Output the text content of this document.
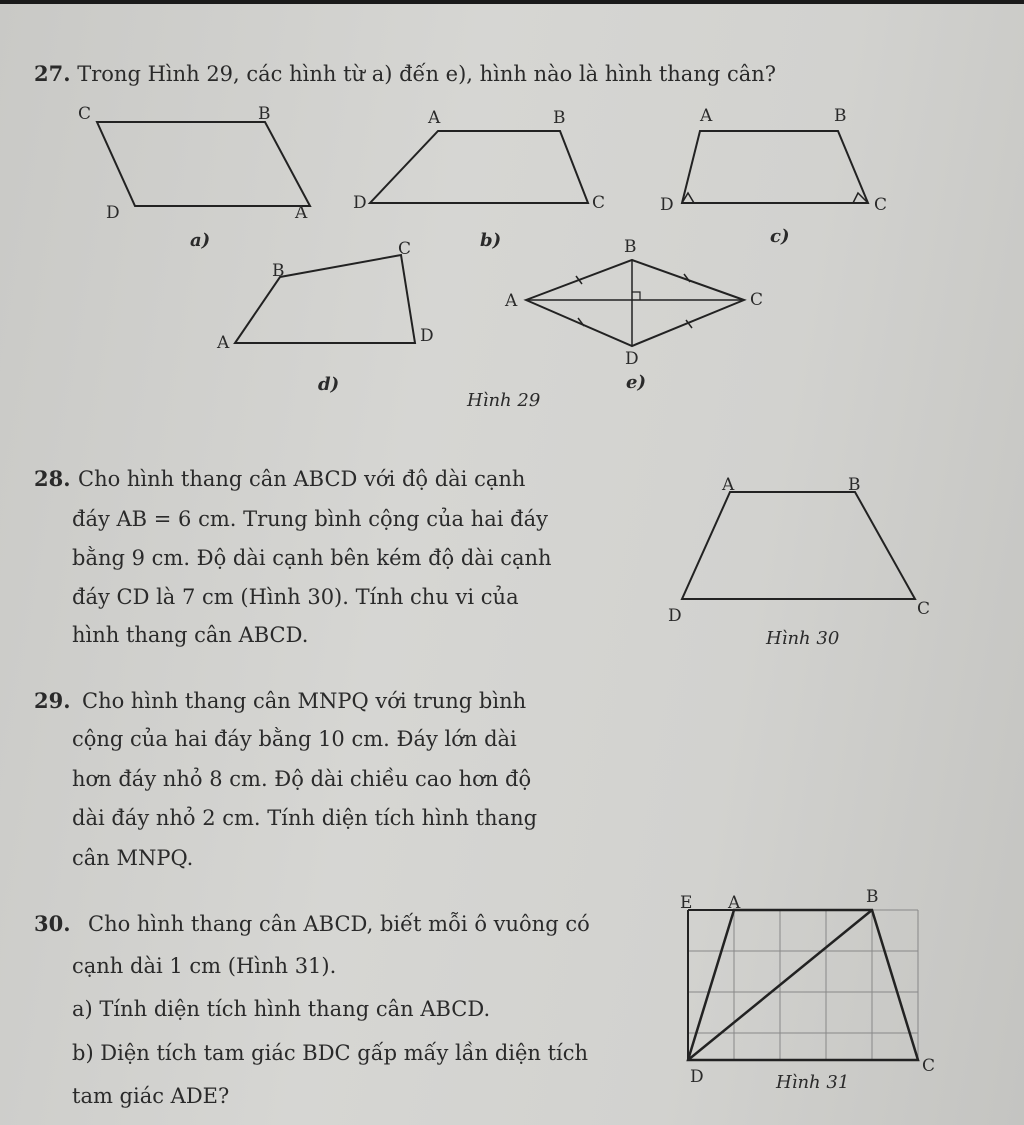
27. Trong Hình 29, các hình từ a) đến e), hình nào là hình thang cân?
C	B
D	A
a)
A	B
D	C
b)
A	B
D	C
c)
C
B
A	D
d)
B
A	C
D
e)
Hình 29
28. Cho hình thang cân ABCD với độ dài cạnh
đáy AB = 6 cm. Trung bình cộng của hai đáy
bằng 9 cm. Độ dài cạnh bên kém độ dài cạnh
đáy CD là 7 cm (Hình 30). Tính chu vi của
hình thang cân ABCD.
A	B
D	C
Hình 30
29. Cho hình thang cân MNPQ với trung bình
cộng của hai đáy bằng 10 cm. Đáy lớn dài
hơn đáy nhỏ 8 cm. Độ dài chiều cao hơn độ
dài đáy nhỏ 2 cm. Tính diện tích hình thang
cân MNPQ.
30. Cho hình thang cân ABCD, biết mỗi ô vuông có
cạnh dài 1 cm (Hình 31).
a) Tính diện tích hình thang cân ABCD.
b) Diện tích tam giác BDC gấp mấy lần diện tích
tam giác ADE?
E A	B
D
C
Hình 31
